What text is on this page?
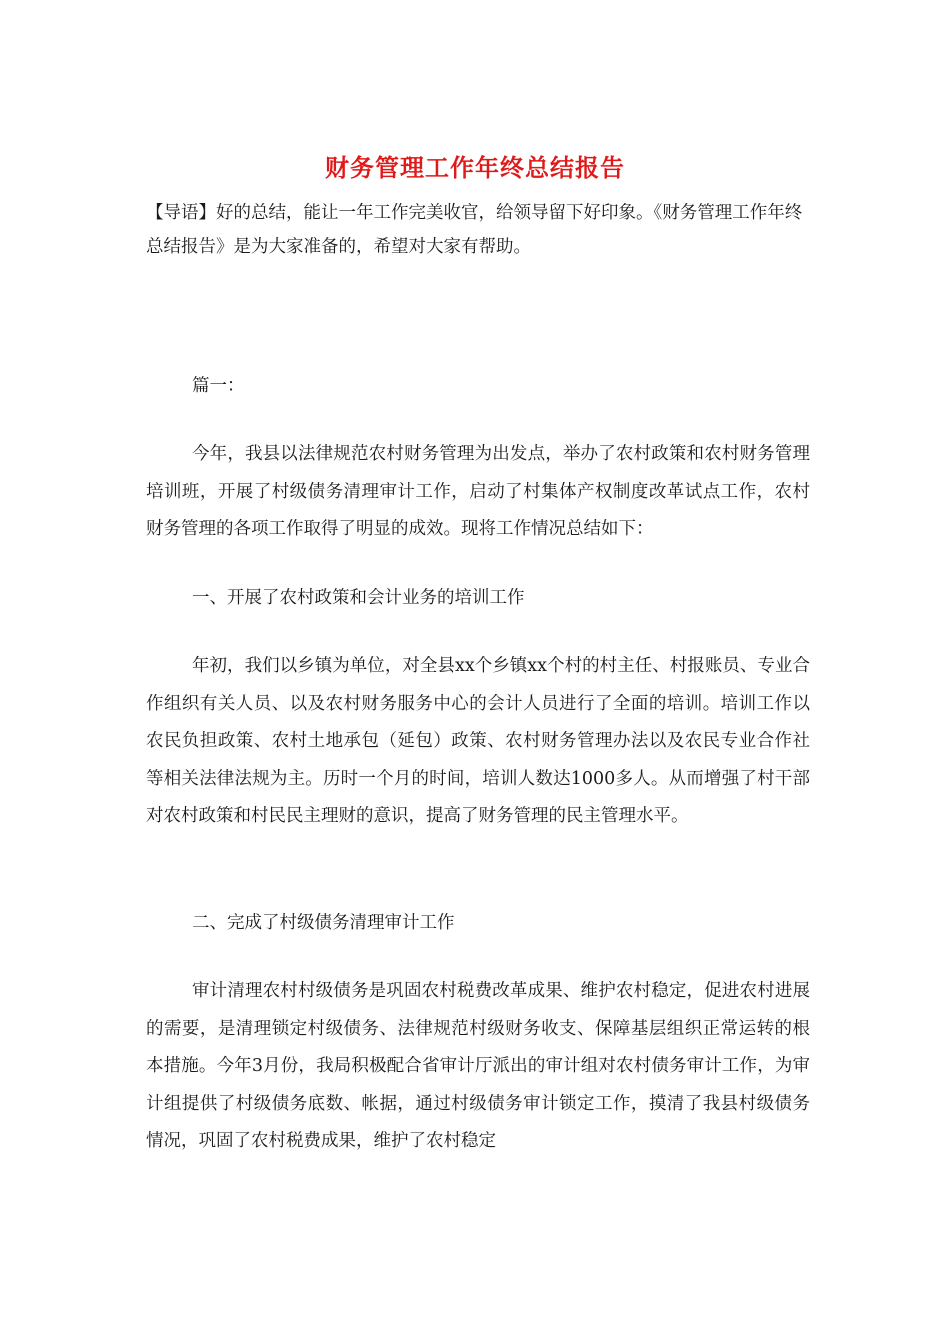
财务管理工作年终总结报告

【导语】好的总结，能让一年工作完美收官，给领导留下好印象。《财务管理工作年终总结报告》是为大家准备的，希望对大家有帮助。

篇一：

今年，我县以法律规范农村财务管理为出发点，举办了农村政策和农村财务管理培训班，开展了村级债务清理审计工作，启动了村集体产权制度改革试点工作，农村财务管理的各项工作取得了明显的成效。现将工作情况总结如下：

一、开展了农村政策和会计业务的培训工作

年初，我们以乡镇为单位，对全县xx个乡镇xx个村的村主任、村报账员、专业合作组织有关人员、以及农村财务服务中心的会计人员进行了全面的培训。培训工作以农民负担政策、农村土地承包（延包）政策、农村财务管理办法以及农民专业合作社等相关法律法规为主。历时一个月的时间，培训人数达1000多人。从而增强了村干部对农村政策和村民民主理财的意识，提高了财务管理的民主管理水平。

二、完成了村级债务清理审计工作

审计清理农村村级债务是巩固农村税费改革成果、维护农村稳定，促进农村进展的需要，是清理锁定村级债务、法律规范村级财务收支、保障基层组织正常运转的根本措施。今年3月份，我局积极配合省审计厅派出的审计组对农村债务审计工作，为审计组提供了村级债务底数、帐据，通过村级债务审计锁定工作，摸清了我县村级债务情况，巩固了农村税费成果，维护了农村稳定
